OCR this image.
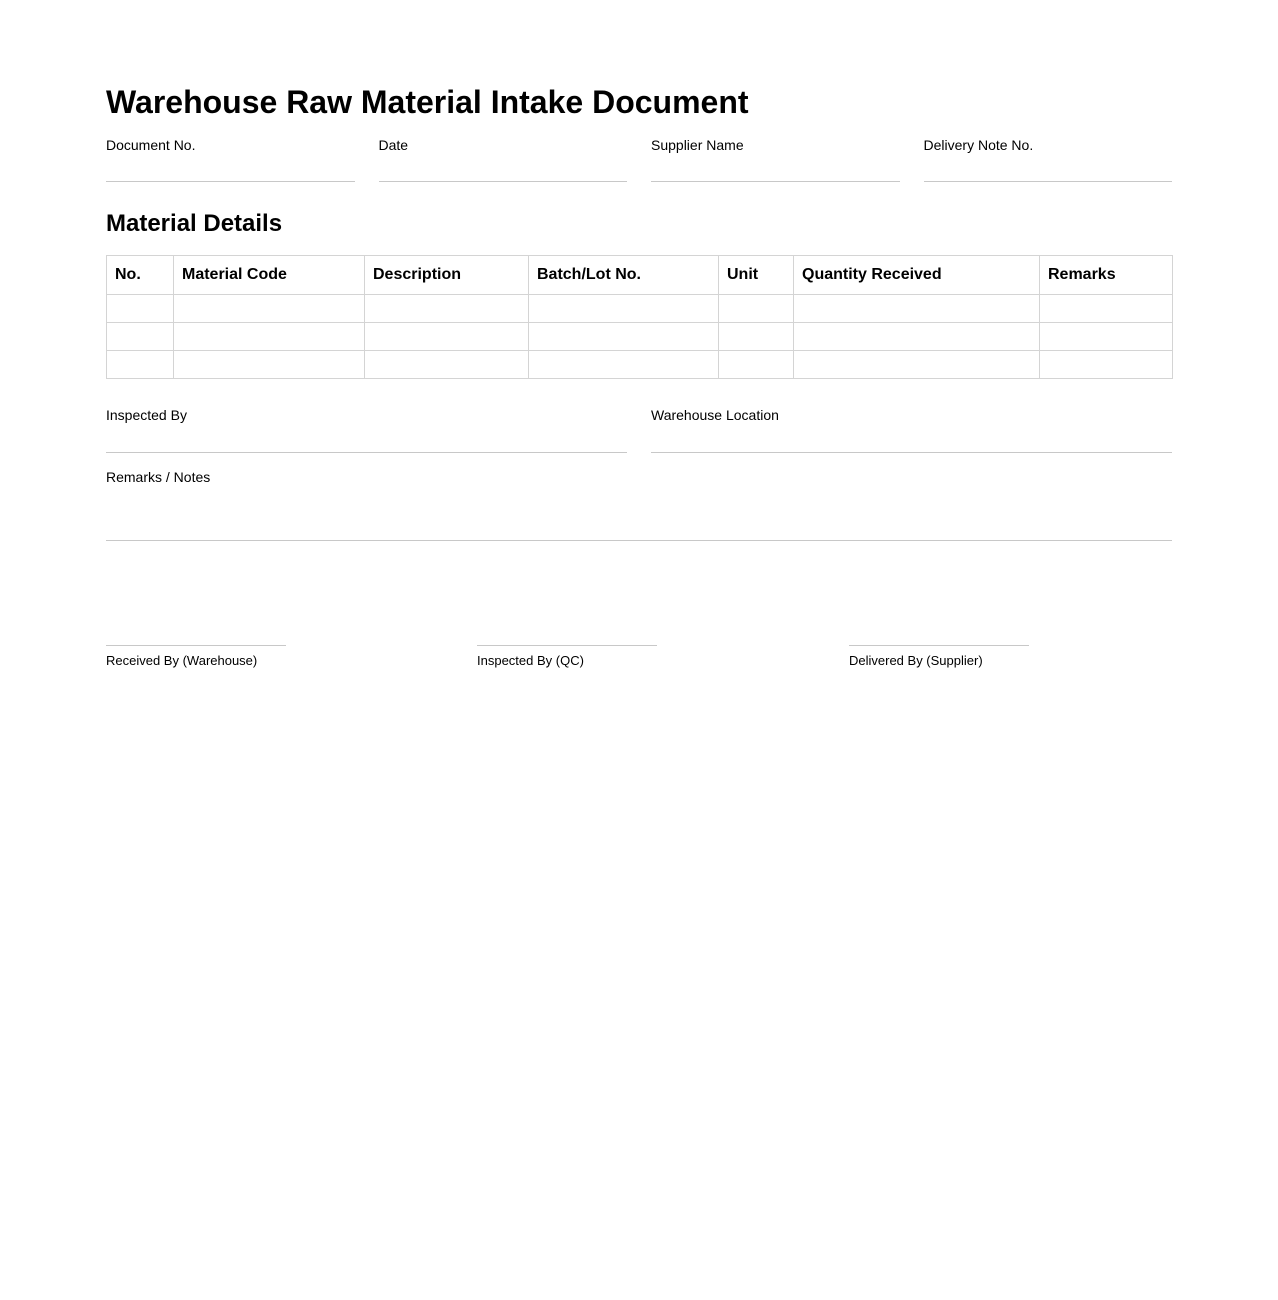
Warehouse Raw Material Intake Document
Document No.	Date	Supplier Name	Delivery Note No.
Material Details
No.	Material Code	Description	Batch/Lot No.	Unit	Quantity Received	Remarks

Inspected By	Warehouse Location
Remarks / Notes
Received By (Warehouse)	Inspected By (QC)	Delivered By (Supplier)
